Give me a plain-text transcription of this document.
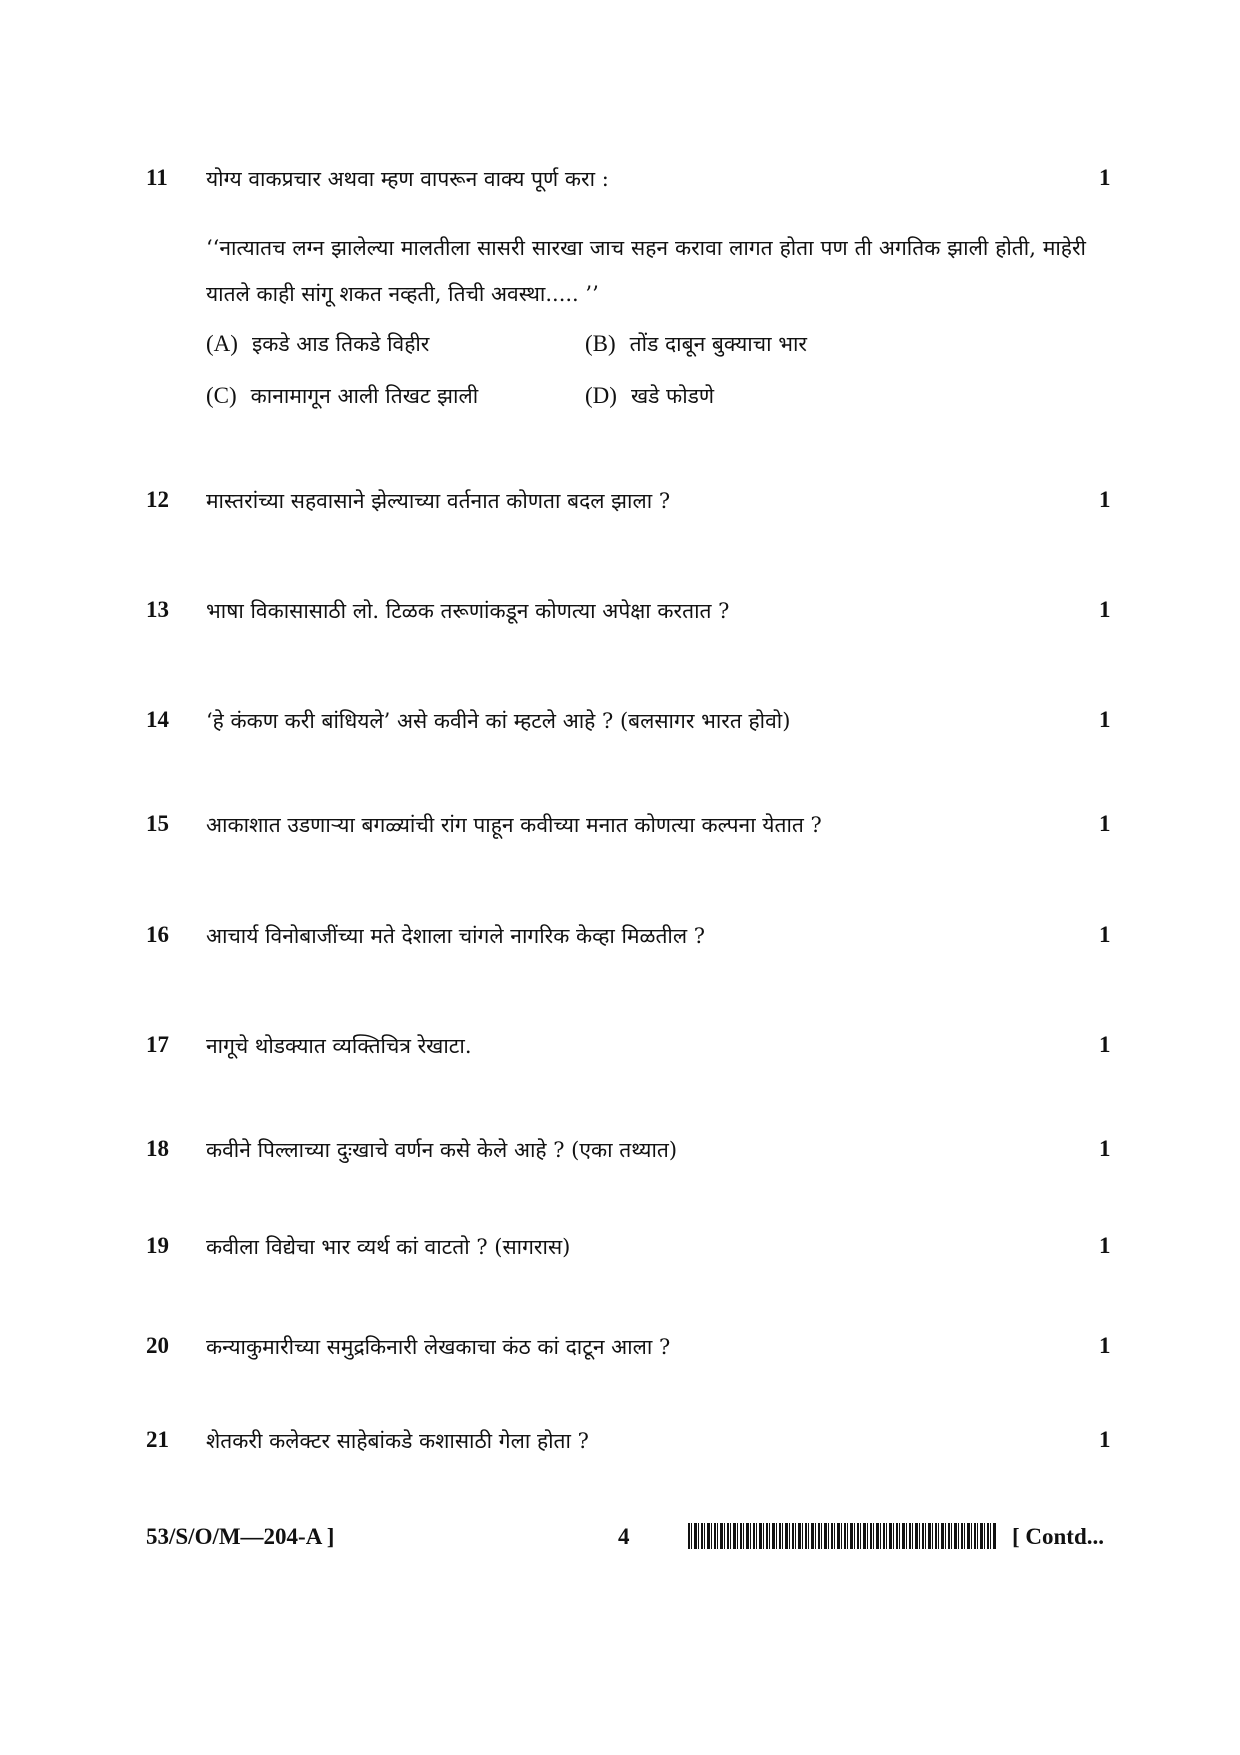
11 योग्य वाकप्रचार अथवा म्हण वापरून वाक्य पूर्ण करा :	1
‘‘नात्यातच लग्न झालेल्या मालतीला सासरी सारखा जाच सहन करावा लागत होता पण ती अगतिक झाली होती, माहेरी यातले काही सांगू शकत नव्हती, तिची अवस्था..... ’’
(A) इकडे आड तिकडे विहीर	(B) तोंड दाबून बुक्याचा भार
(C) कानामागून आली तिखट झाली	(D) खडे फोडणे
12 मास्तरांच्या सहवासाने झेल्याच्या वर्तनात कोणता बदल झाला ?	1
13 भाषा विकासासाठी लो. टिळक तरूणांकडून कोणत्या अपेक्षा करतात ?	1
14 ‘हे कंकण करी बांधियले’ असे कवीने कां म्हटले आहे ? (बलसागर भारत होवो)	1
15 आकाशात उडणाऱ्या बगळ्यांची रांग पाहून कवीच्या मनात कोणत्या कल्पना येतात ?	1
16 आचार्य विनोबाजींच्या मते देशाला चांगले नागरिक केव्हा मिळतील ?	1
17 नागूचे थोडक्यात व्यक्तिचित्र रेखाटा.	1
18 कवीने पिल्लाच्या दुःखाचे वर्णन कसे केले आहे ? (एका तथ्यात)	1
19 कवीला विद्येचा भार व्यर्थ कां वाटतो ? (सागरास)	1
20 कन्याकुमारीच्या समुद्रकिनारी लेखकाचा कंठ कां दाटून आला ?	1
21 शेतकरी कलेक्टर साहेबांकडे कशासाठी गेला होता ?	1
53/S/O/M—204-A ]	4	[ Contd...
